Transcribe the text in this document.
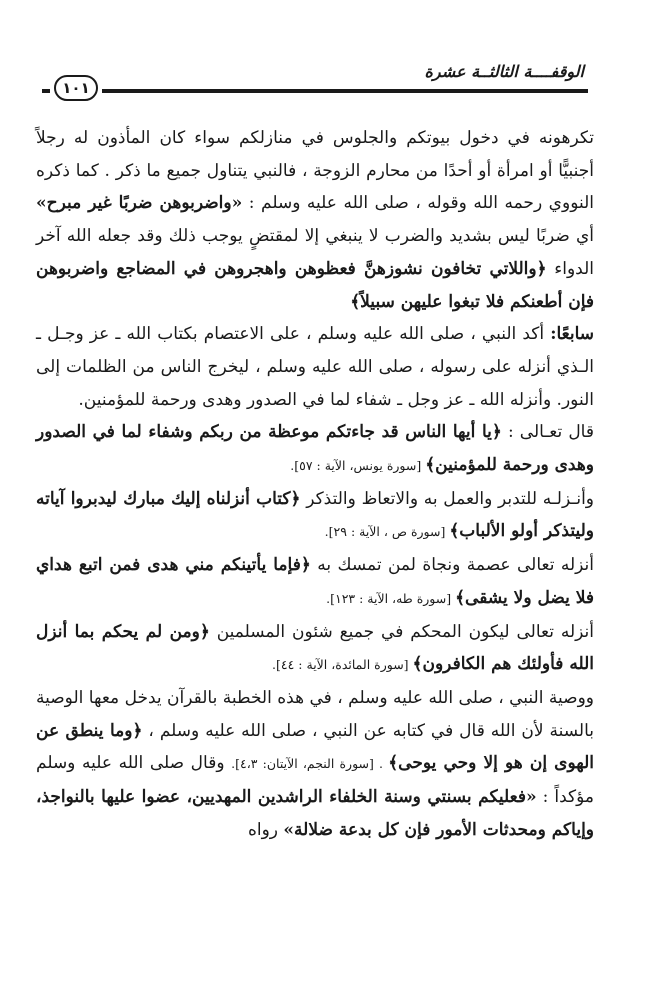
الوقفــــة الثالثــة عشرة
١٠١

تكرهونه في دخول بيوتكم والجلوس في منازلكم سواء كان المأذون له رجلاً أجنبيًّا أو امرأة أو أحدًا من محارم الزوجة ، فالنبي يتناول جميع ما ذكر . كما ذكره النووي رحمه الله وقوله ، صلى الله عليه وسلم : «واضربوهن ضربًا غير مبرح» أي ضربًا ليس بشديد والضرب لا ينبغي إلا لمقتضٍ يوجب ذلك وقد جعله الله آخر الدواء ﴿واللاتي تخافون نشوزهنَّ فعظوهن واهجروهن في المضاجع واضربوهن فإن أطعنكم فلا تبغوا عليهن سبيلاً﴾

سابعًا: أكد النبي ، صلى الله عليه وسلم ، على الاعتصام بكتاب الله ـ عز وجـل ـ الـذي أنزله على رسوله ، صلى الله عليه وسلم ، ليخرج الناس من الظلمات إلى النور. وأنزله الله ـ عز وجل ـ شفاء لما في الصدور وهدى ورحمة للمؤمنين.

قال تعـالى : ﴿يا أيها الناس قد جاءتكم موعظة من ربكم وشفاء لما في الصدور وهدى ورحمة للمؤمنين﴾ [سورة يونس، الآية : ٥٧].

وأنـزلـه للتدبر والعمل به والاتعاظ والتذكر ﴿كتاب أنزلناه إليك مبارك ليدبروا آياته وليتذكر أولو الألباب﴾ [سورة ص ، الآية : ٢٩].

أنزله تعالى عصمة ونجاة لمن تمسك به ﴿فإما يأتينكم مني هدى فمن اتبع هداي فلا يضل ولا يشقى﴾ [سورة طه، الآية : ١٢٣].

أنزله تعالى ليكون المحكم في جميع شئون المسلمين ﴿ومن لم يحكم بما أنزل الله فأولئك هم الكافرون﴾ [سورة المائدة، الآية : ٤٤].

ووصية النبي ، صلى الله عليه وسلم ، في هذه الخطبة بالقرآن يدخل معها الوصية بالسنة لأن الله قال في كتابه عن النبي ، صلى الله عليه وسلم ، ﴿وما ينطق عن الهوى إن هو إلا وحي يوحى﴾ . [سورة النجم، الآيتان: ٤،٣]. وقال صلى الله عليه وسلم مؤكداً : «فعليكم بسنتي وسنة الخلفاء الراشدين المهديين، عضوا عليها بالنواجذ، وإياكم ومحدثات الأمور فإن كل بدعة ضلالة» رواه
